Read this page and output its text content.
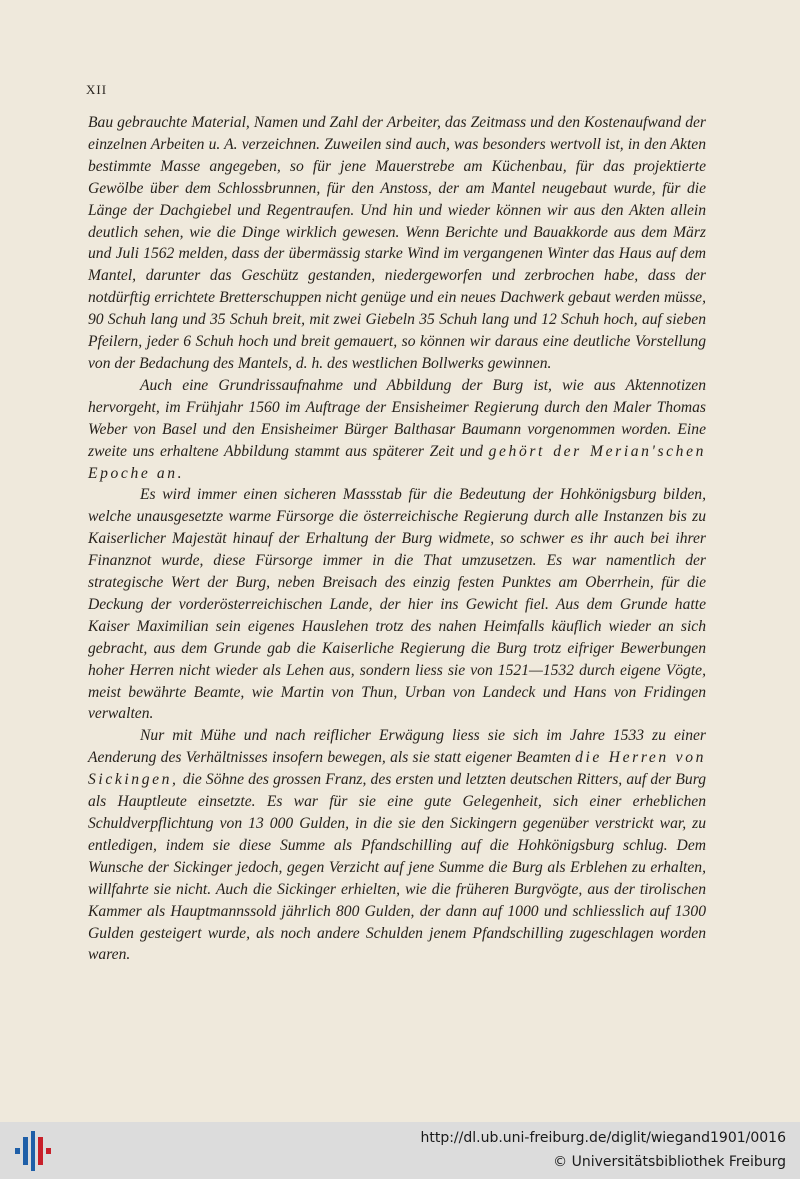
XII

Bau gebrauchte Material, Namen und Zahl der Arbeiter, das Zeitmass und den Kostenaufwand der einzelnen Arbeiten u. A. verzeichnen. Zuweilen sind auch, was besonders wertvoll ist, in den Akten bestimmte Masse angegeben, so für jene Mauerstrebe am Küchenbau, für das projektierte Gewölbe über dem Schlossbrunnen, für den Anstoss, der am Mantel neugebaut wurde, für die Länge der Dachgiebel und Regentraufen. Und hin und wieder können wir aus den Akten allein deutlich sehen, wie die Dinge wirklich gewesen. Wenn Berichte und Bauakkorde aus dem März und Juli 1562 melden, dass der übermässig starke Wind im vergangenen Winter das Haus auf dem Mantel, darunter das Geschütz gestanden, niedergeworfen und zerbrochen habe, dass der notdürftig errichtete Bretterschuppen nicht genüge und ein neues Dachwerk gebaut werden müsse, 90 Schuh lang und 35 Schuh breit, mit zwei Giebeln 35 Schuh lang und 12 Schuh hoch, auf sieben Pfeilern, jeder 6 Schuh hoch und breit gemauert, so können wir daraus eine deutliche Vorstellung von der Bedachung des Mantels, d. h. des westlichen Bollwerks gewinnen.

Auch eine Grundrissaufnahme und Abbildung der Burg ist, wie aus Aktennotizen hervorgeht, im Frühjahr 1560 im Auftrage der Ensisheimer Regierung durch den Maler Thomas Weber von Basel und den Ensisheimer Bürger Balthasar Baumann vorgenommen worden. Eine zweite uns erhaltene Abbildung stammt aus späterer Zeit und gehört der Merian'schen Epoche an.

Es wird immer einen sicheren Massstab für die Bedeutung der Hohkönigsburg bilden, welche unausgesetzte warme Fürsorge die österreichische Regierung durch alle Instanzen bis zu Kaiserlicher Majestät hinauf der Erhaltung der Burg widmete, so schwer es ihr auch bei ihrer Finanznot wurde, diese Fürsorge immer in die That umzusetzen. Es war namentlich der strategische Wert der Burg, neben Breisach des einzig festen Punktes am Oberrhein, für die Deckung der vorderösterreichischen Lande, der hier ins Gewicht fiel. Aus dem Grunde hatte Kaiser Maximilian sein eigenes Hauslehen trotz des nahen Heimfalls käuflich wieder an sich gebracht, aus dem Grunde gab die Kaiserliche Regierung die Burg trotz eifriger Bewerbungen hoher Herren nicht wieder als Lehen aus, sondern liess sie von 1521—1532 durch eigene Vögte, meist bewährte Beamte, wie Martin von Thun, Urban von Landeck und Hans von Fridingen verwalten.

Nur mit Mühe und nach reiflicher Erwägung liess sie sich im Jahre 1533 zu einer Aenderung des Verhältnisses insofern bewegen, als sie statt eigener Beamten die Herren von Sickingen, die Söhne des grossen Franz, des ersten und letzten deutschen Ritters, auf der Burg als Hauptleute einsetzte. Es war für sie eine gute Gelegenheit, sich einer erheblichen Schuldverpflichtung von 13 000 Gulden, in die sie den Sickingern gegenüber verstrickt war, zu entledigen, indem sie diese Summe als Pfandschilling auf die Hohkönigsburg schlug. Dem Wunsche der Sickinger jedoch, gegen Verzicht auf jene Summe die Burg als Erblehen zu erhalten, willfahrte sie nicht. Auch die Sickinger erhielten, wie die früheren Burgvögte, aus der tirolischen Kammer als Hauptmannssold jährlich 800 Gulden, der dann auf 1000 und schliesslich auf 1300 Gulden gesteigert wurde, als noch andere Schulden jenem Pfandschilling zugeschlagen worden waren.

http://dl.ub.uni-freiburg.de/diglit/wiegand1901/0016
© Universitätsbibliothek Freiburg
